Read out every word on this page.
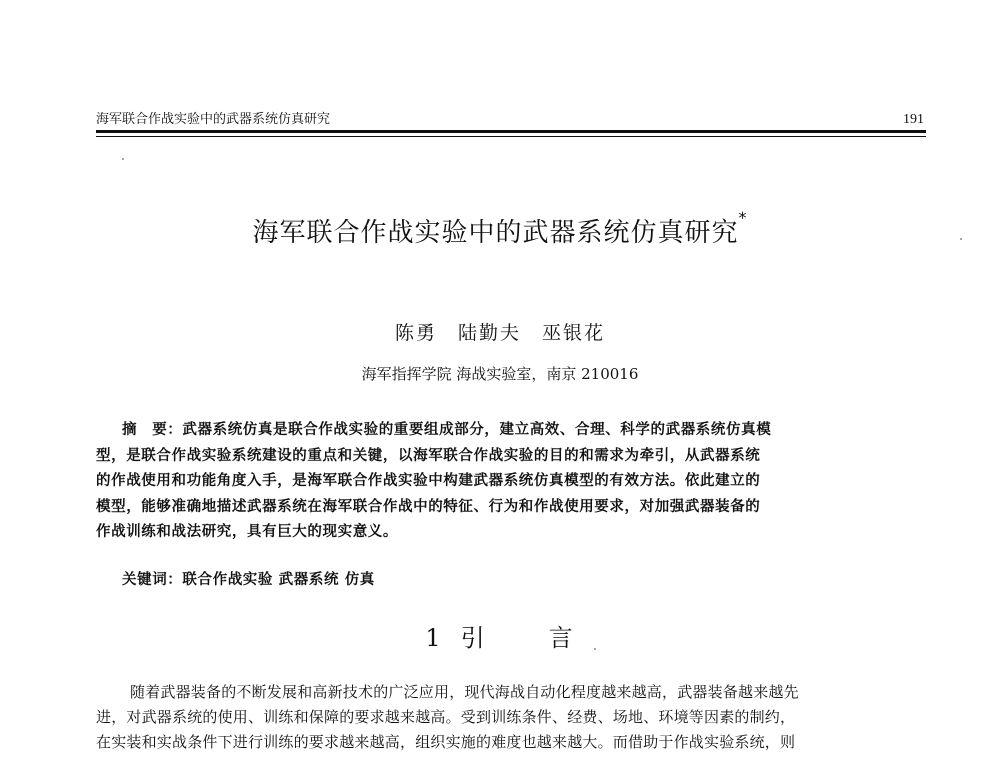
海军联合作战实验中的武器系统仿真研究	191
海军联合作战实验中的武器系统仿真研究*
陈勇　陆勤夫　巫银花
海军指挥学院 海战实验室，南京 210016
摘　要：武器系统仿真是联合作战实验的重要组成部分，建立高效、合理、科学的武器系统仿真模
型，是联合作战实验系统建设的重点和关键，以海军联合作战实验的目的和需求为牵引，从武器系统
的作战使用和功能角度入手，是海军联合作战实验中构建武器系统仿真模型的有效方法。依此建立的
模型，能够准确地描述武器系统在海军联合作战中的特征、行为和作战使用要求，对加强武器装备的
作战训练和战法研究，具有巨大的现实意义。
关键词：联合作战实验 武器系统 仿真
1 引	言
随着武器装备的不断发展和高新技术的广泛应用，现代海战自动化程度越来越高，武器装备越来越先
进，对武器系统的使用、训练和保障的要求越来越高。受到训练条件、经费、场地、环境等因素的制约，
在实装和实战条件下进行训练的要求越来越高，组织实施的难度也越来越大。而借助于作战实验系统，则
